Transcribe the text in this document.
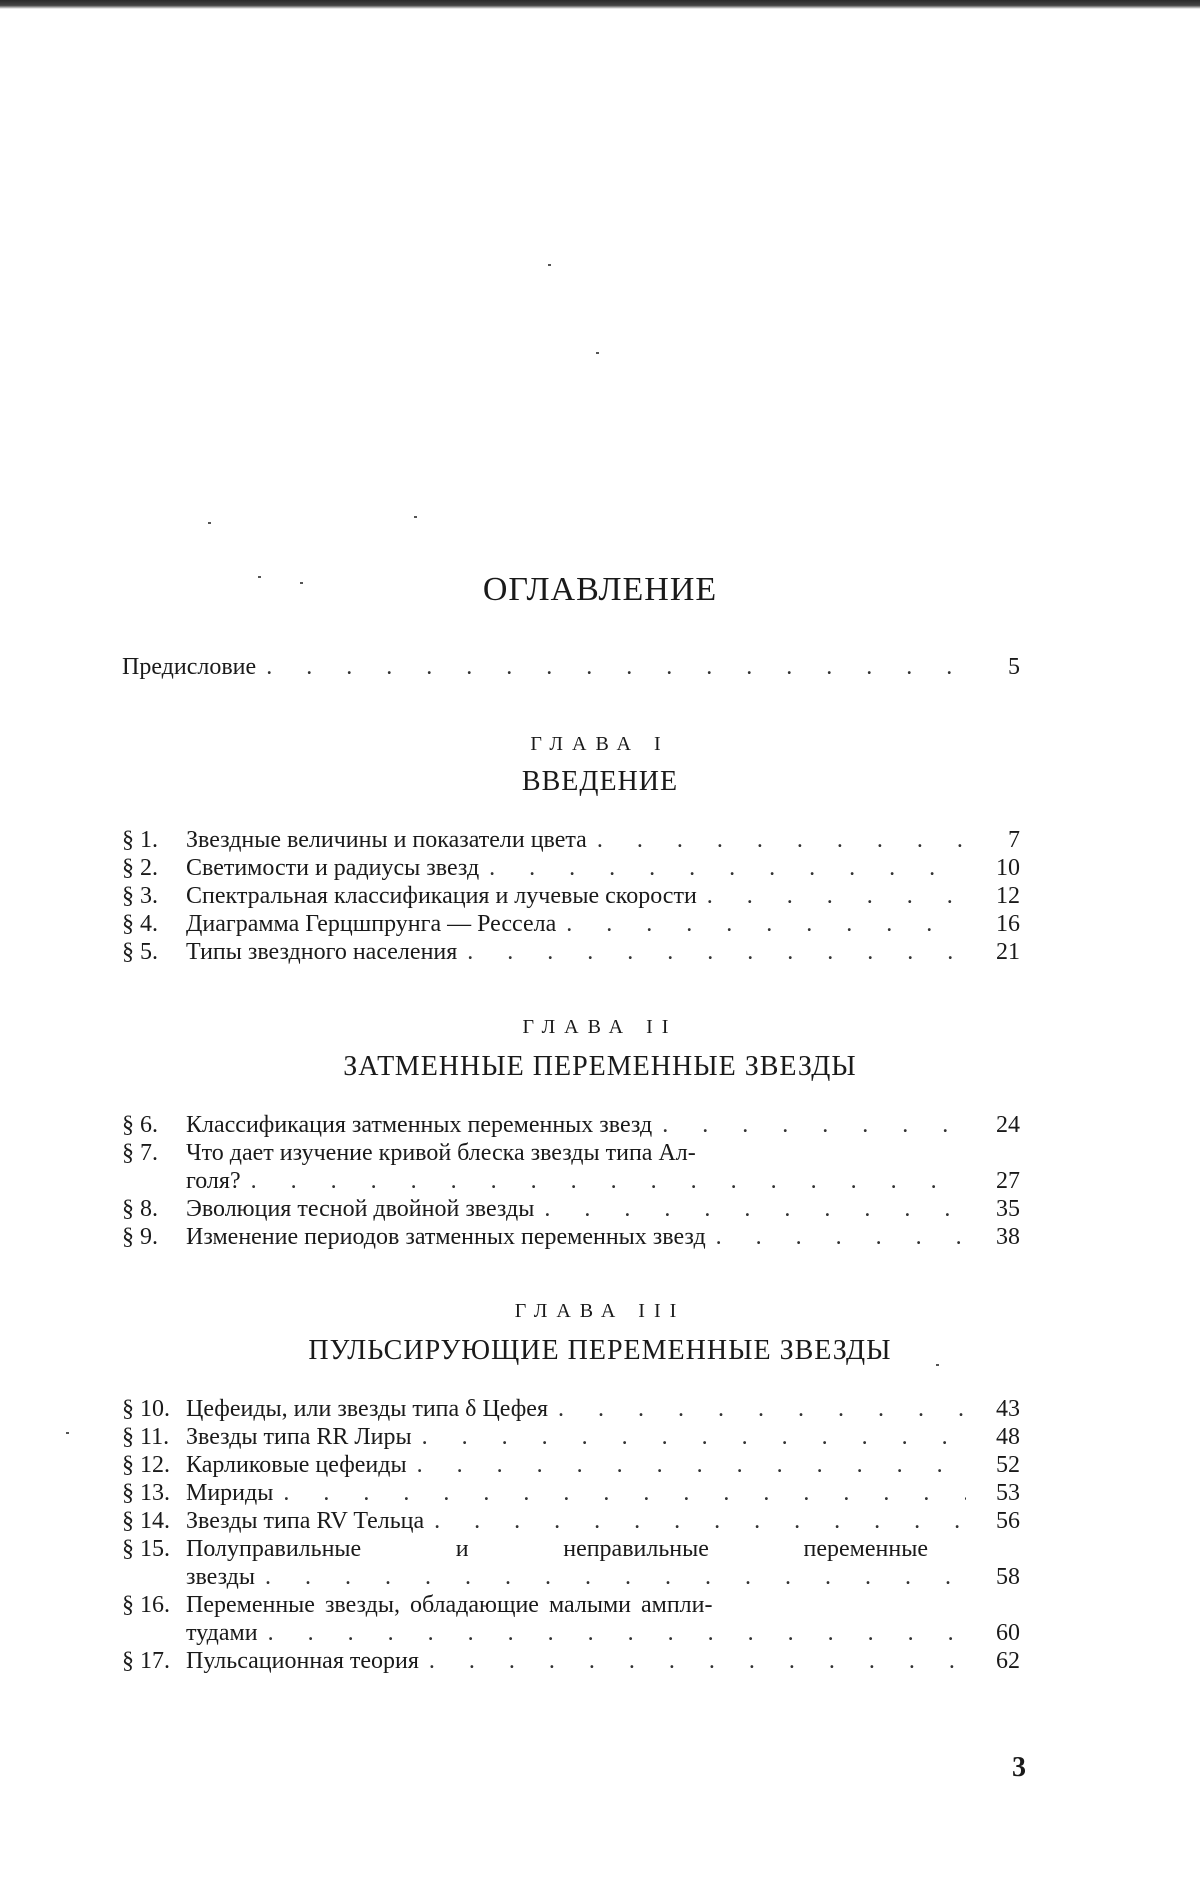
ОГЛАВЛЕНИЕ
Предисловие
. . .	5
ГЛАВА I
ВВЕДЕНИЕ
§ 1.	Звездные величины и показатели цвета
. . .	7
§ 2.	Светимости и радиусы звезд
. . .	10
§ 3.	Спектральная классификация и лучевые скорости
. . .	12
§ 4.	Диаграмма Герцшпрунга — Рессела
. . .	16
§ 5.	Типы звездного населения
. . .	21
ГЛАВА II
ЗАТМЕННЫЕ ПЕРЕМЕННЫЕ ЗВЕЗДЫ
§ 6.	Классификация затменных переменных звезд
. . .	24
§ 7.	Что дает изучение кривой блеска звезды типа Ал-
голя?
. . .	27
§ 8.	Эволюция тесной двойной звезды
. . .	35
§ 9.	Изменение периодов затменных переменных звезд
. . .	38
ГЛАВА III
ПУЛЬСИРУЮЩИЕ ПЕРЕМЕННЫЕ ЗВЕЗДЫ
§ 10. Цефеиды, или звезды типа δ Цефея
. . .	43
§ 11. Звезды типа RR Лиры
. . .	48
§ 12. Карликовые цефеиды
. . .	52
§ 13. Мириды
. . .	53
§ 14. Звезды типа RV Тельца
. . .	56
§ 15. Полуправильные	и	неправильные	переменные
звезды
. . .	58
§ 16. Переменные звезды, обладающие малыми ампли-
тудами
. . .	60
§ 17. Пульсационная теория
. . .	62
3
